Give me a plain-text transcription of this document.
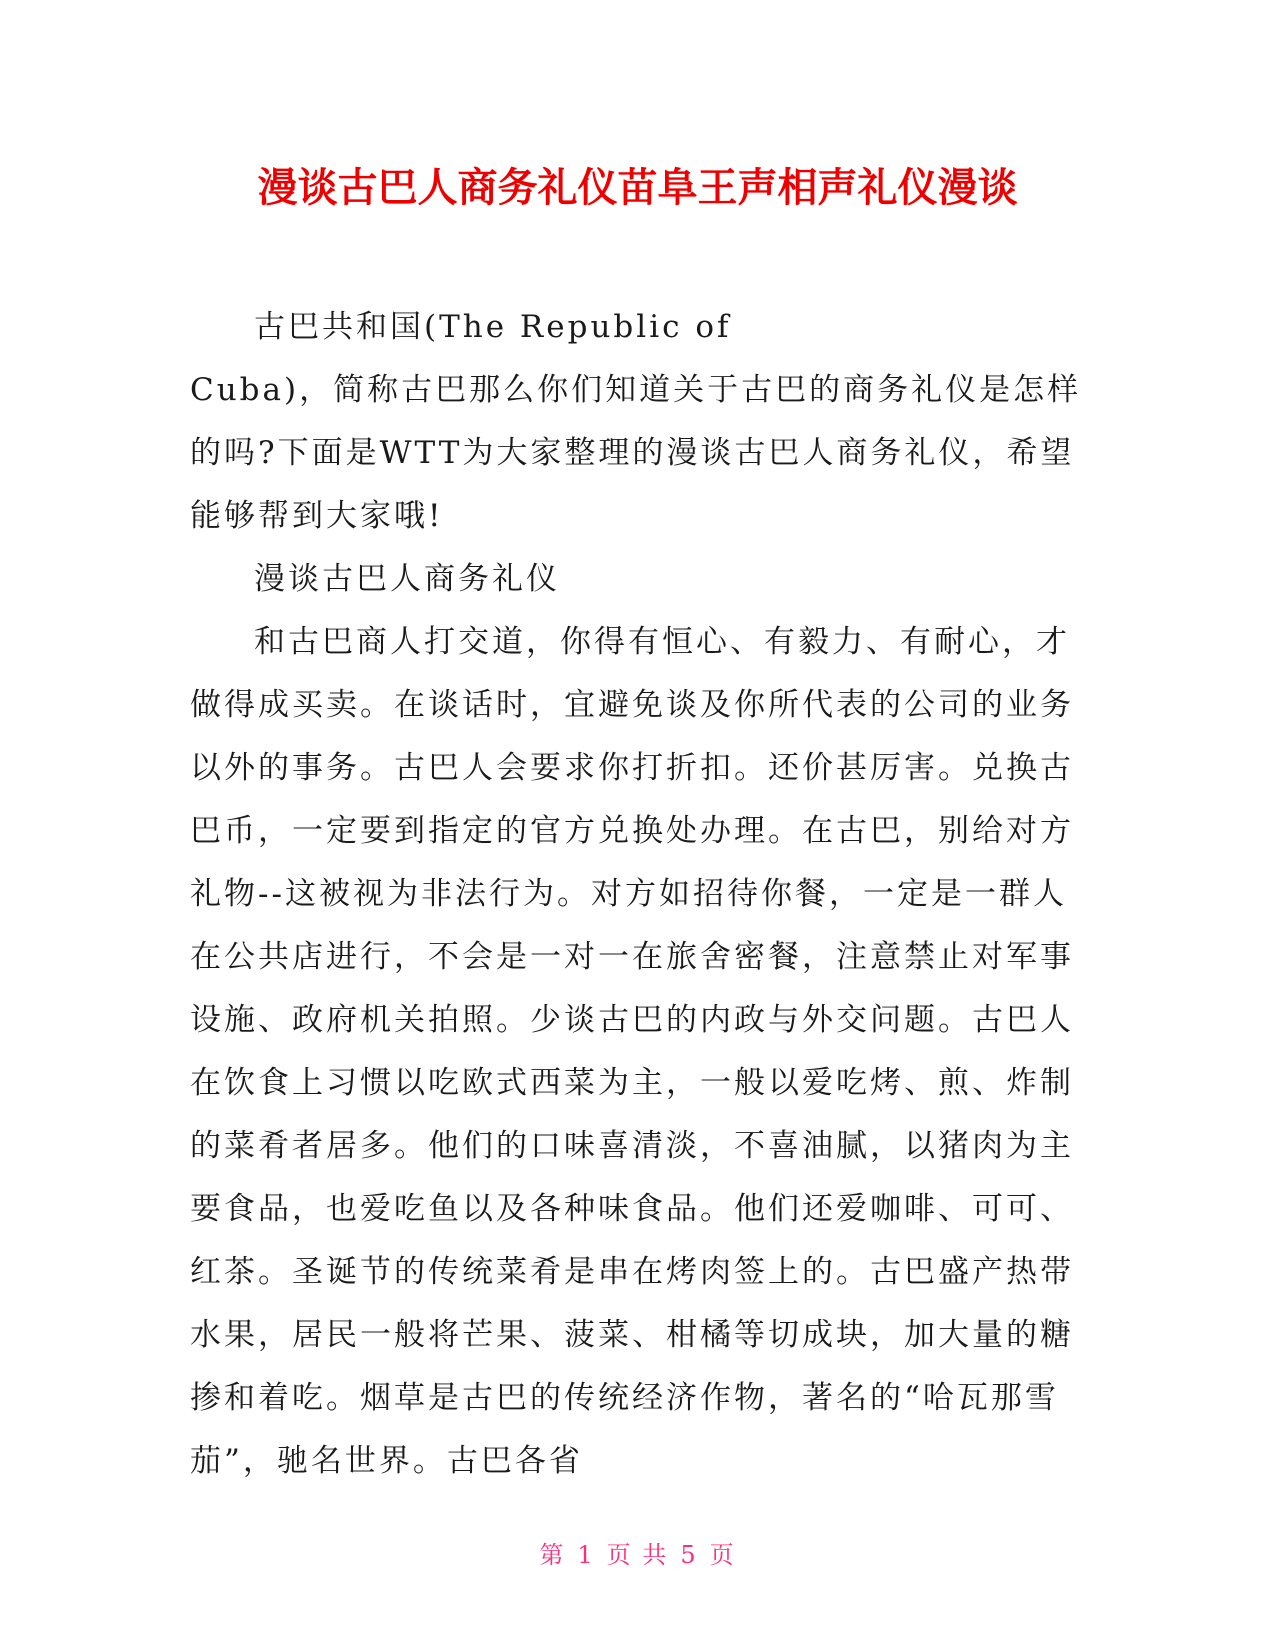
漫谈古巴人商务礼仪苗阜王声相声礼仪漫谈

古巴共和国(The Republic of
Cuba)，简称古巴那么你们知道关于古巴的商务礼仪是怎样的吗?下面是WTT为大家整理的漫谈古巴人商务礼仪，希望能够帮到大家哦!

漫谈古巴人商务礼仪

和古巴商人打交道，你得有恒心、有毅力、有耐心，才做得成买卖。在谈话时，宜避免谈及你所代表的公司的业务以外的事务。古巴人会要求你打折扣。还价甚厉害。兑换古巴币，一定要到指定的官方兑换处办理。在古巴，别给对方礼物--这被视为非法行为。对方如招待你餐，一定是一群人在公共店进行，不会是一对一在旅舍密餐，注意禁止对军事设施、政府机关拍照。少谈古巴的内政与外交问题。古巴人在饮食上习惯以吃欧式西菜为主，一般以爱吃烤、煎、炸制的菜肴者居多。他们的口味喜清淡，不喜油腻，以猪肉为主要食品，也爱吃鱼以及各种味食品。他们还爱咖啡、可可、红茶。圣诞节的传统菜肴是串在烤肉签上的。古巴盛产热带水果，居民一般将芒果、菠菜、柑橘等切成块，加大量的糖掺和着吃。烟草是古巴的传统经济作物，著名的“哈瓦那雪茄”，驰名世界。古巴各省

第 1 页 共 5 页
